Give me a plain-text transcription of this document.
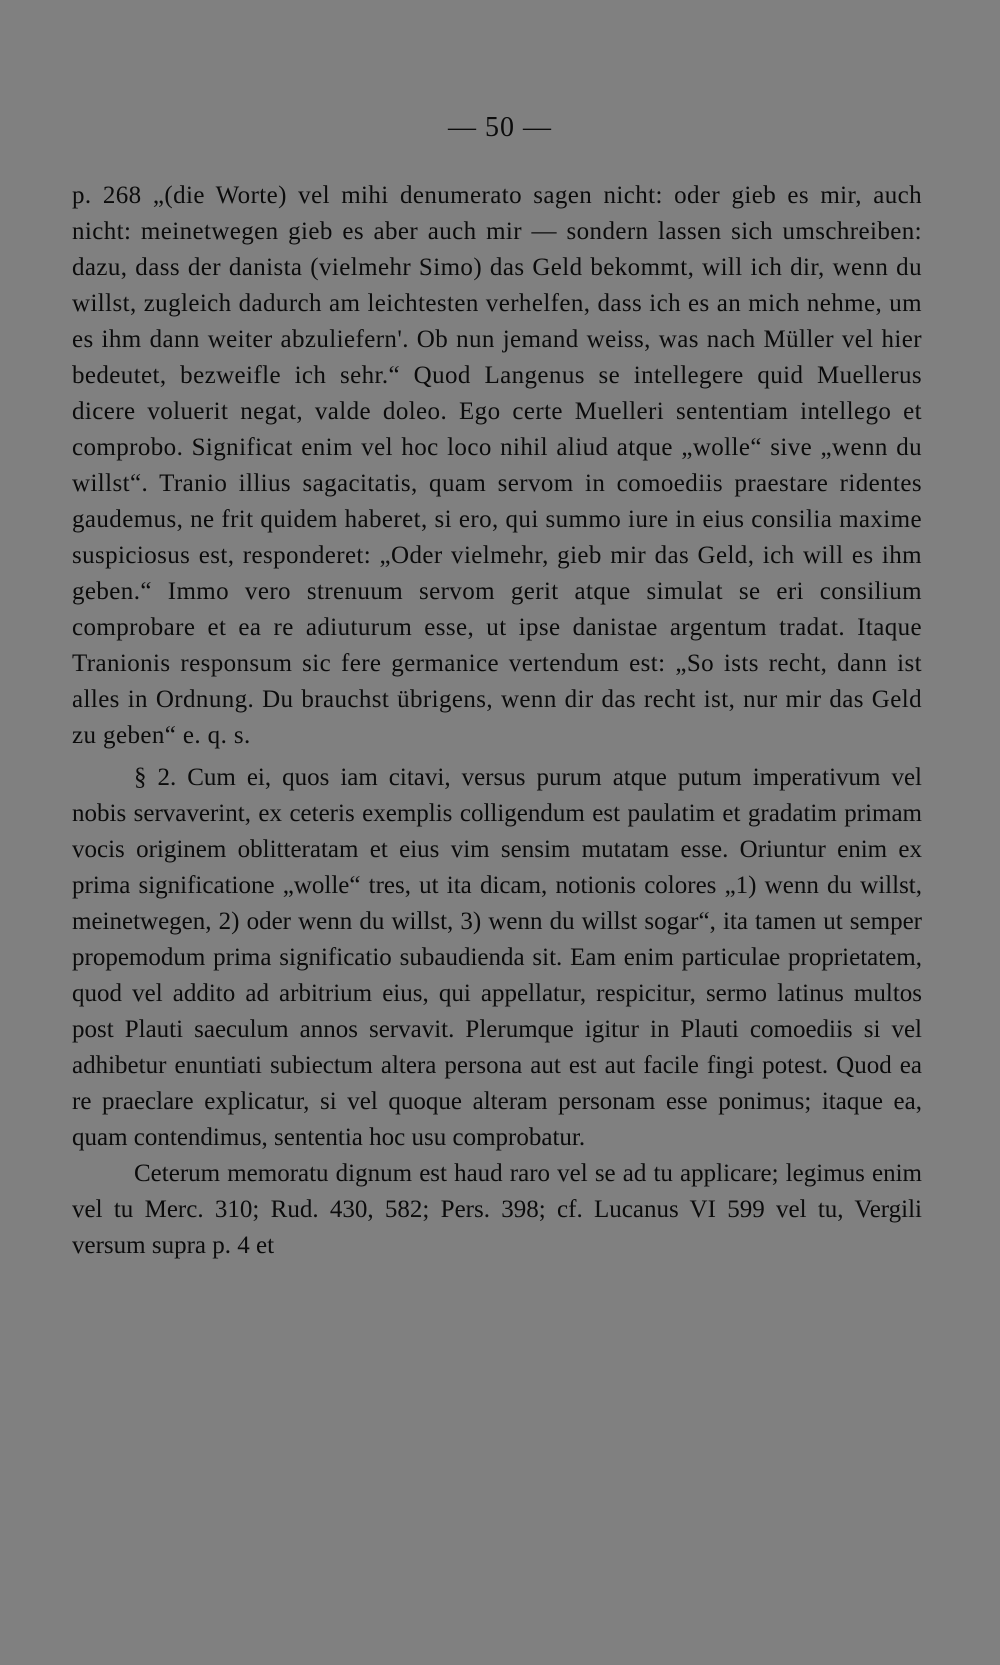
— 50 —

p. 268 „(die Worte) vel mihi denumerato sagen nicht: oder gieb es mir, auch nicht: meinetwegen gieb es aber auch mir — sondern lassen sich umschreiben: dazu, dass der danista (vielmehr Simo) das Geld bekommt, will ich dir, wenn du willst, zugleich dadurch am leichtesten verhelfen, dass ich es an mich nehme, um es ihm dann weiter abzuliefern'. Ob nun jemand weiss, was nach Müller vel hier bedeutet, bezweifle ich sehr.“ Quod Langenus se intellegere quid Muellerus dicere voluerit negat, valde doleo. Ego certe Muelleri sententiam intellego et comprobo. Significat enim vel hoc loco nihil aliud atque „wolle“ sive „wenn du willst“. Tranio illius sagacitatis, quam servom in comoediis praestare ridentes gaudemus, ne frit quidem haberet, si ero, qui summo iure in eius consilia maxime suspiciosus est, responderet: „Oder vielmehr, gieb mir das Geld, ich will es ihm geben.“ Immo vero strenuum servom gerit atque simulat se eri consilium comprobare et ea re adiuturum esse, ut ipse danistae argentum tradat. Itaque Tranionis responsum sic fere germanice vertendum est: „So ists recht, dann ist alles in Ordnung. Du brauchst übrigens, wenn dir das recht ist, nur mir das Geld zu geben“ e. q. s.

§ 2. Cum ei, quos iam citavi, versus purum atque putum imperativum vel nobis servaverint, ex ceteris exemplis colligendum est paulatim et gradatim primam vocis originem oblitteratam et eius vim sensim mutatam esse. Oriuntur enim ex prima significatione „wolle“ tres, ut ita dicam, notionis colores „1) wenn du willst, meinetwegen, 2) oder wenn du willst, 3) wenn du willst sogar“, ita tamen ut semper propemodum prima significatio subaudienda sit. Eam enim particulae proprietatem, quod vel addito ad arbitrium eius, qui appellatur, respicitur, sermo latinus multos post Plauti saeculum annos servavit. Plerumque igitur in Plauti comoediis si vel adhibetur enuntiati subiectum altera persona aut est aut facile fingi potest. Quod ea re praeclare explicatur, si vel quoque alteram personam esse ponimus; itaque ea, quam contendimus, sententia hoc usu comprobatur.

Ceterum memoratu dignum est haud raro vel se ad tu applicare; legimus enim vel tu Merc. 310; Rud. 430, 582; Pers. 398; cf. Lucanus VI 599 vel tu, Vergili versum supra p. 4 et
